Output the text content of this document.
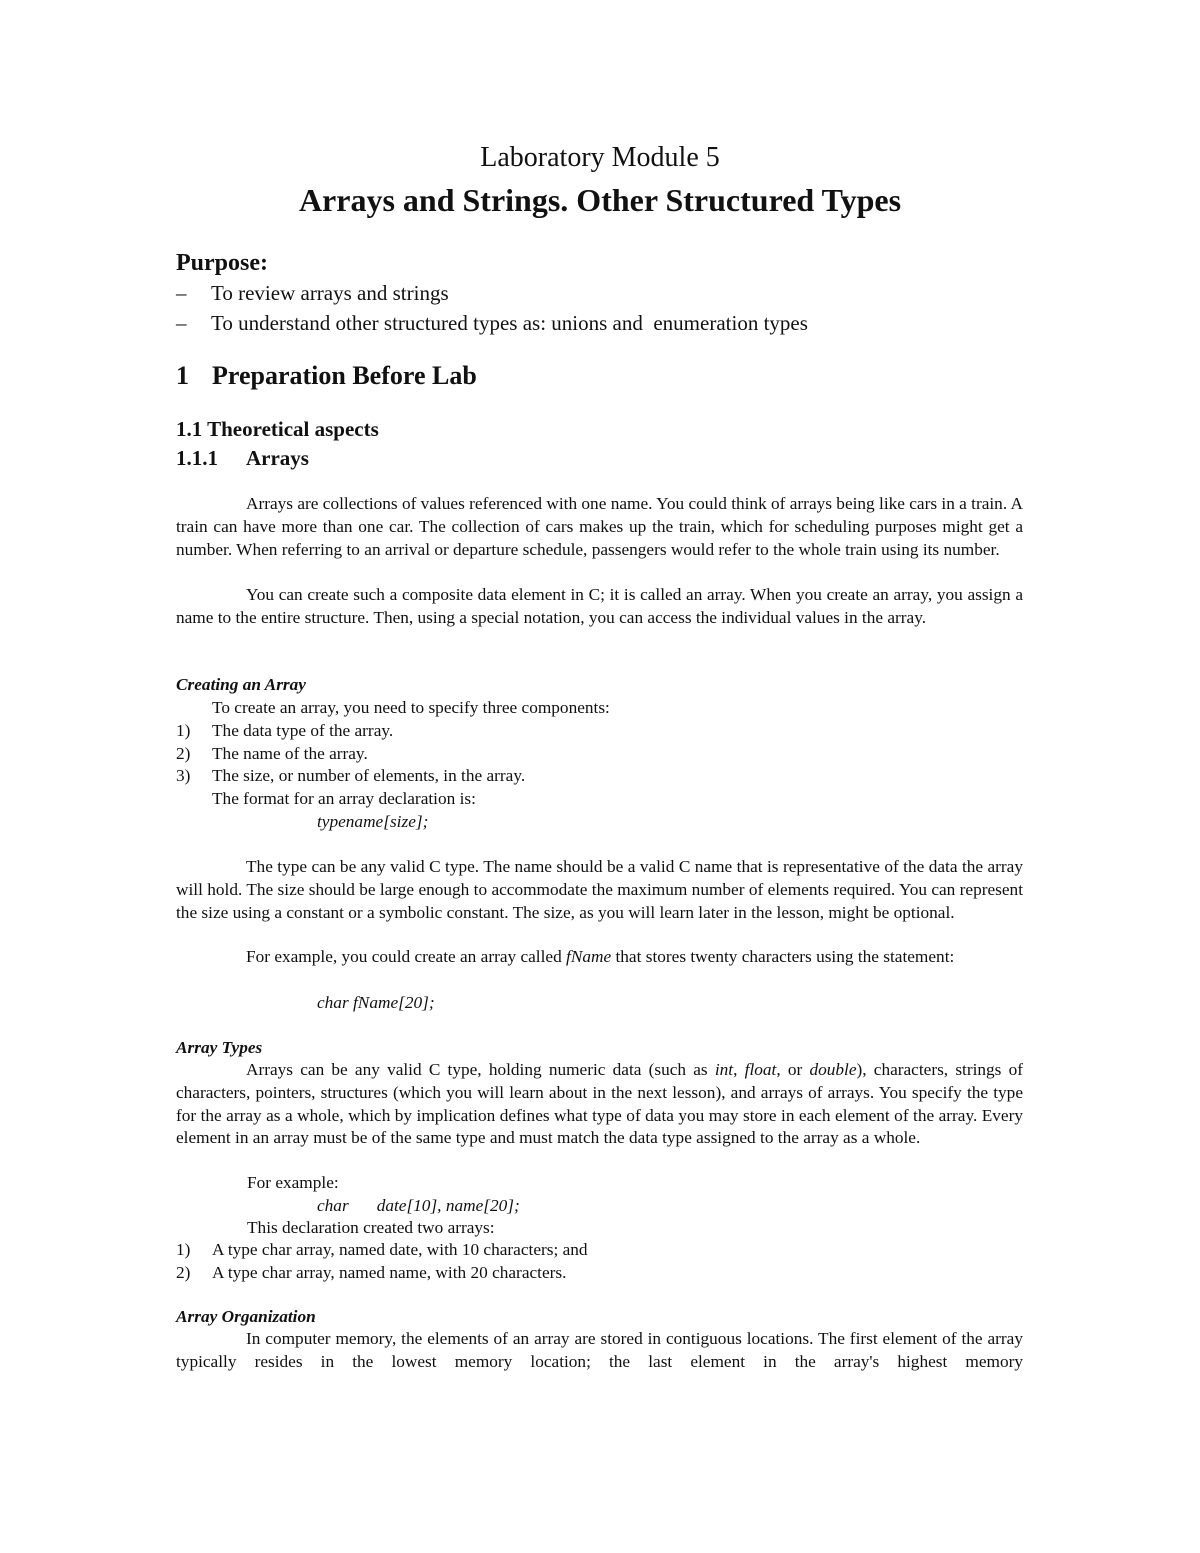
Laboratory Module 5
Arrays and Strings. Other Structured Types
Purpose:
– To review arrays and strings
– To understand other structured types as: unions and  enumeration types
1 Preparation Before Lab
1.1 Theoretical aspects
1.1.1 Arrays
Arrays are collections of values referenced with one name. You could think of arrays being like cars in a train. A train can have more than one car. The collection of cars makes up the train, which for scheduling purposes might get a number. When referring to an arrival or departure schedule, passengers would refer to the whole train using its number.
You can create such a composite data element in C; it is called an array. When you create an array, you assign a name to the entire structure. Then, using a special notation, you can access the individual values in the array.
Creating an Array
To create an array, you need to specify three components:
1) The data type of the array.
2) The name of the array.
3) The size, or number of elements, in the array.
The format for an array declaration is:
typename[size];
The type can be any valid C type. The name should be a valid C name that is representative of the data the array will hold. The size should be large enough to accommodate the maximum number of elements required. You can represent the size using a constant or a symbolic constant. The size, as you will learn later in the lesson, might be optional.
For example, you could create an array called fName that stores twenty characters using the statement:
char fName[20];
Array Types
Arrays can be any valid C type, holding numeric data (such as int, float, or double), characters, strings of characters, pointers, structures (which you will learn about in the next lesson), and arrays of arrays. You specify the type for the array as a whole, which by implication defines what type of data you may store in each element of the array. Every element in an array must be of the same type and must match the data type assigned to the array as a whole.
For example:
char date[10], name[20];
This declaration created two arrays:
1) A type char array, named date, with 10 characters; and
2) A type char array, named name, with 20 characters.
Array Organization
In computer memory, the elements of an array are stored in contiguous locations. The first element of the array typically resides in the lowest memory location; the last element in the array's highest memory
